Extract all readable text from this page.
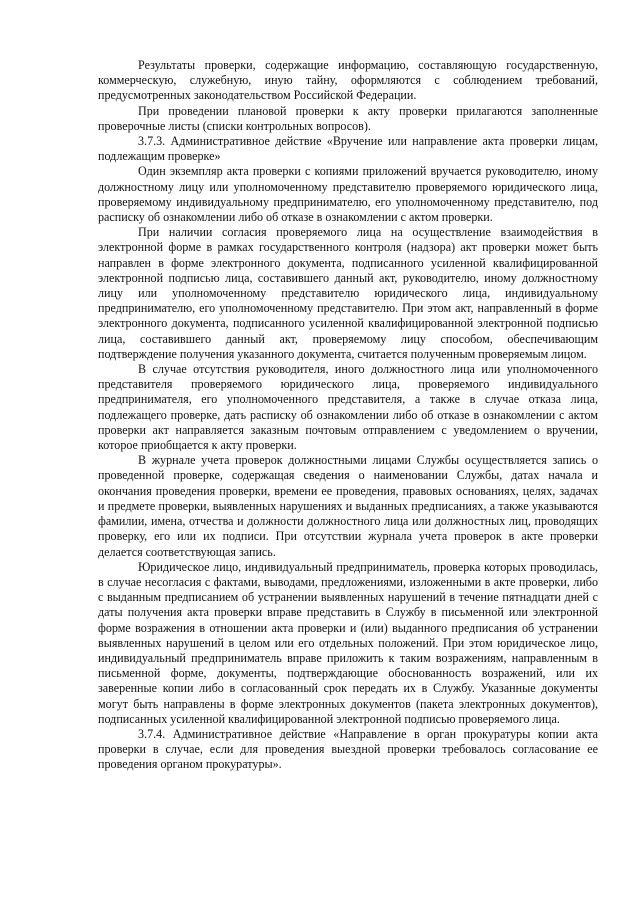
Результаты проверки, содержащие информацию, составляющую государственную, коммерческую, служебную, иную тайну, оформляются с соблюдением требований, предусмотренных законодательством Российской Федерации.

При проведении плановой проверки к акту проверки прилагаются заполненные проверочные листы (списки контрольных вопросов).

3.7.3. Административное действие «Вручение или направление акта проверки лицам, подлежащим проверке»

Один экземпляр акта проверки с копиями приложений вручается руководителю, иному должностному лицу или уполномоченному представителю проверяемого юридического лица, проверяемому индивидуальному предпринимателю, его уполномоченному представителю, под расписку об ознакомлении либо об отказе в ознакомлении с актом проверки.

При наличии согласия проверяемого лица на осуществление взаимодействия в электронной форме в рамках государственного контроля (надзора) акт проверки может быть направлен в форме электронного документа, подписанного усиленной квалифицированной электронной подписью лица, составившего данный акт, руководителю, иному должностному лицу или уполномоченному представителю юридического лица, индивидуальному предпринимателю, его уполномоченному представителю. При этом акт, направленный в форме электронного документа, подписанного усиленной квалифицированной электронной подписью лица, составившего данный акт, проверяемому лицу способом, обеспечивающим подтверждение получения указанного документа, считается полученным проверяемым лицом.

В случае отсутствия руководителя, иного должностного лица или уполномоченного представителя проверяемого юридического лица, проверяемого индивидуального предпринимателя, его уполномоченного представителя, а также в случае отказа лица, подлежащего проверке, дать расписку об ознакомлении либо об отказе в ознакомлении с актом проверки акт направляется заказным почтовым отправлением с уведомлением о вручении, которое приобщается к акту проверки.

В журнале учета проверок должностными лицами Службы осуществляется запись о проведенной проверке, содержащая сведения о наименовании Службы, датах начала и окончания проведения проверки, времени ее проведения, правовых основаниях, целях, задачах и предмете проверки, выявленных нарушениях и выданных предписаниях, а также указываются фамилии, имена, отчества и должности должностного лица или должностных лиц, проводящих проверку, его или их подписи. При отсутствии журнала учета проверок в акте проверки делается соответствующая запись.

Юридическое лицо, индивидуальный предприниматель, проверка которых проводилась, в случае несогласия с фактами, выводами, предложениями, изложенными в акте проверки, либо с выданным предписанием об устранении выявленных нарушений в течение пятнадцати дней с даты получения акта проверки вправе представить в Службу в письменной или электронной форме возражения в отношении акта проверки и (или) выданного предписания об устранении выявленных нарушений в целом или его отдельных положений. При этом юридическое лицо, индивидуальный предприниматель вправе приложить к таким возражениям, направленным в письменной форме, документы, подтверждающие обоснованность возражений, или их заверенные копии либо в согласованный срок передать их в Службу. Указанные документы могут быть направлены в форме электронных документов (пакета электронных документов), подписанных усиленной квалифицированной электронной подписью проверяемого лица.

3.7.4. Административное действие «Направление в орган прокуратуры копии акта проверки в случае, если для проведения выездной проверки требовалось согласование ее проведения органом прокуратуры».
